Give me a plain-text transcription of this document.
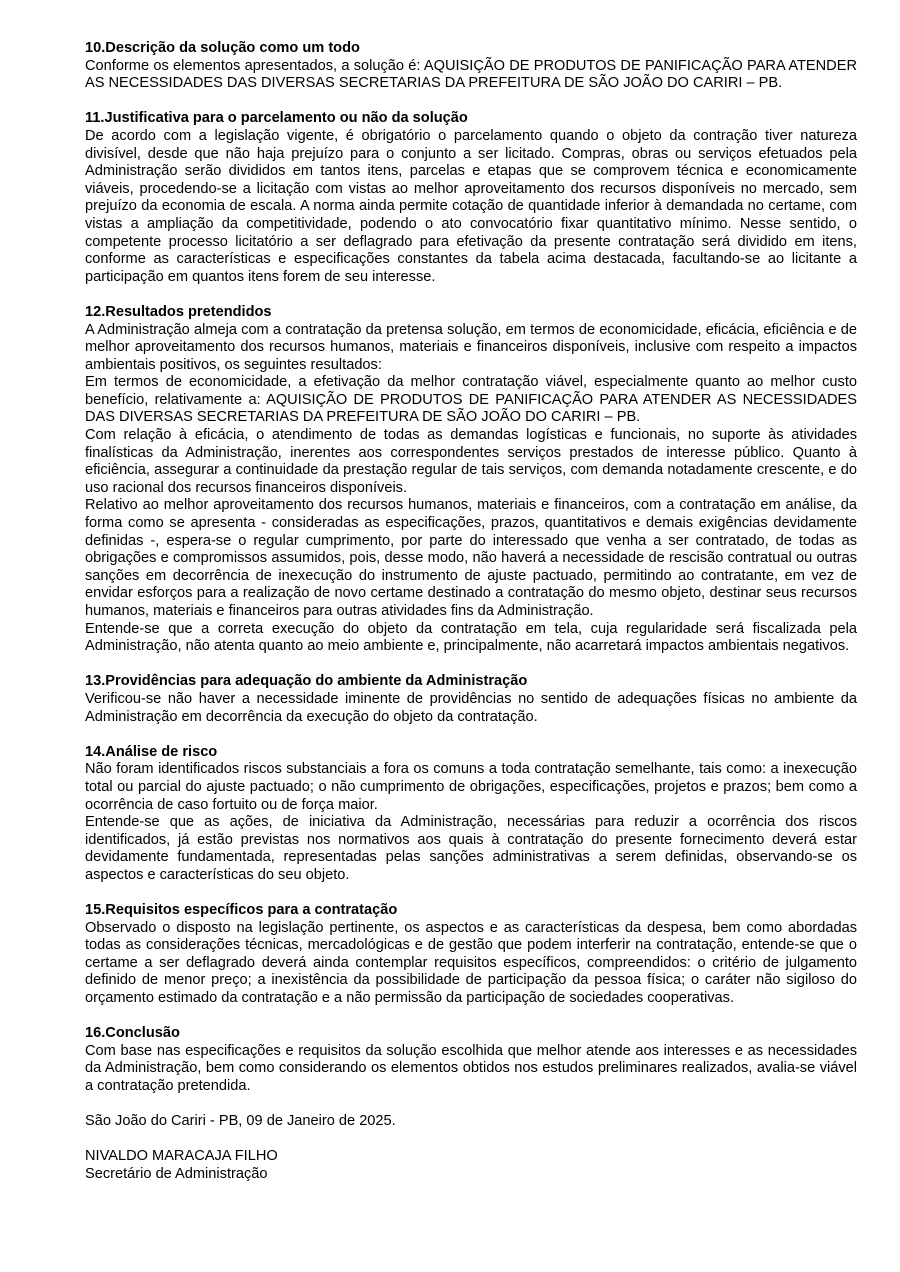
10.Descrição da solução como um todo

Conforme os elementos apresentados, a solução é: AQUISIÇÃO DE PRODUTOS DE PANIFICAÇÃO PARA ATENDER AS NECESSIDADES DAS DIVERSAS SECRETARIAS DA PREFEITURA DE SÃO JOÃO DO CARIRI – PB.

11.Justificativa para o parcelamento ou não da solução

De acordo com a legislação vigente, é obrigatório o parcelamento quando o objeto da contração tiver natureza divisível, desde que não haja prejuízo para o conjunto a ser licitado. Compras, obras ou serviços efetuados pela Administração serão divididos em tantos itens, parcelas e etapas que se comprovem técnica e economicamente viáveis, procedendo-se a licitação com vistas ao melhor aproveitamento dos recursos disponíveis no mercado, sem prejuízo da economia de escala. A norma ainda permite cotação de quantidade inferior à demandada no certame, com vistas a ampliação da competitividade, podendo o ato convocatório fixar quantitativo mínimo. Nesse sentido, o competente processo licitatório a ser deflagrado para efetivação da presente contratação será dividido em itens, conforme as características e especificações constantes da tabela acima destacada, facultando-se ao licitante a participação em quantos itens forem de seu interesse.

12.Resultados pretendidos

A Administração almeja com a contratação da pretensa solução, em termos de economicidade, eficácia, eficiência e de melhor aproveitamento dos recursos humanos, materiais e financeiros disponíveis, inclusive com respeito a impactos ambientais positivos, os seguintes resultados:

Em termos de economicidade, a efetivação da melhor contratação viável, especialmente quanto ao melhor custo benefício, relativamente a: AQUISIÇÃO DE PRODUTOS DE PANIFICAÇÃO PARA ATENDER AS NECESSIDADES DAS DIVERSAS SECRETARIAS DA PREFEITURA DE SÃO JOÃO DO CARIRI – PB.

Com relação à eficácia, o atendimento de todas as demandas logísticas e funcionais, no suporte às atividades finalísticas da Administração, inerentes aos correspondentes serviços prestados de interesse público. Quanto à eficiência, assegurar a continuidade da prestação regular de tais serviços, com demanda notadamente crescente, e do uso racional dos recursos financeiros disponíveis.

Relativo ao melhor aproveitamento dos recursos humanos, materiais e financeiros, com a contratação em análise, da forma como se apresenta - consideradas as especificações, prazos, quantitativos e demais exigências devidamente definidas -, espera-se o regular cumprimento, por parte do interessado que venha a ser contratado, de todas as obrigações e compromissos assumidos, pois, desse modo, não haverá a necessidade de rescisão contratual ou outras sanções em decorrência de inexecução do instrumento de ajuste pactuado, permitindo ao contratante, em vez de envidar esforços para a realização de novo certame destinado a contratação do mesmo objeto, destinar seus recursos humanos, materiais e financeiros para outras atividades fins da Administração.

Entende-se que a correta execução do objeto da contratação em tela, cuja regularidade será fiscalizada pela Administração, não atenta quanto ao meio ambiente e, principalmente, não acarretará impactos ambientais negativos.

13.Providências para adequação do ambiente da Administração

Verificou-se não haver a necessidade iminente de providências no sentido de adequações físicas no ambiente da Administração em decorrência da execução do objeto da contratação.

14.Análise de risco

Não foram identificados riscos substanciais a fora os comuns a toda contratação semelhante, tais como: a inexecução total ou parcial do ajuste pactuado; o não cumprimento de obrigações, especificações, projetos e prazos; bem como a ocorrência de caso fortuito ou de força maior.

Entende-se que as ações, de iniciativa da Administração, necessárias para reduzir a ocorrência dos riscos identificados, já estão previstas nos normativos aos quais à contratação do presente fornecimento deverá estar devidamente fundamentada, representadas pelas sanções administrativas a serem definidas, observando-se os aspectos e características do seu objeto.

15.Requisitos específicos para a contratação

Observado o disposto na legislação pertinente, os aspectos e as características da despesa, bem como abordadas todas as considerações técnicas, mercadológicas e de gestão que podem interferir na contratação, entende-se que o certame a ser deflagrado deverá ainda contemplar requisitos específicos, compreendidos: o critério de julgamento definido de menor preço; a inexistência da possibilidade de participação da pessoa física; o caráter não sigiloso do orçamento estimado da contratação e a não permissão da participação de sociedades cooperativas.

16.Conclusão

Com base nas especificações e requisitos da solução escolhida que melhor atende aos interesses e as necessidades da Administração, bem como considerando os elementos obtidos nos estudos preliminares realizados, avalia-se viável a contratação pretendida.

São João do Cariri - PB, 09 de Janeiro de 2025.

NIVALDO MARACAJA FILHO

Secretário de Administração
